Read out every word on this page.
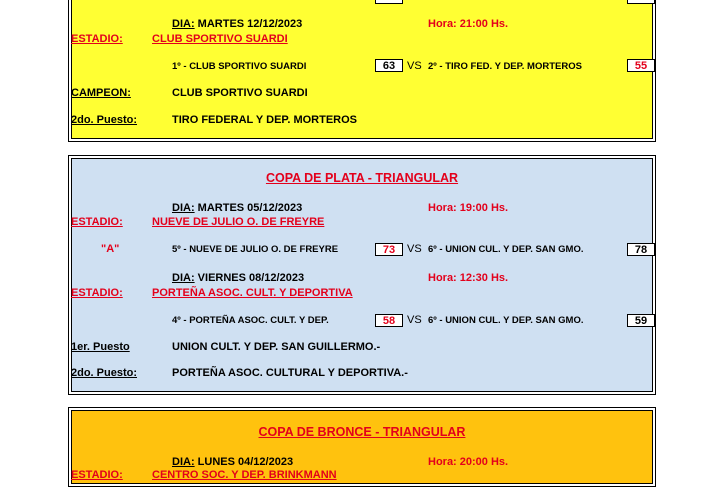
DIA: MARTES 12/12/2023	Hora: 21:00 Hs.
ESTADIO:	CLUB SPORTIVO SUARDI
1º - CLUB SPORTIVO SUARDI	63	VS 2º - TIRO FED. Y DEP. MORTEROS	55
CAMPEON:	CLUB SPORTIVO SUARDI
2do. Puesto:	TIRO FEDERAL Y DEP. MORTEROS
COPA DE PLATA - TRIANGULAR
DIA: MARTES 05/12/2023	Hora: 19:00 Hs.
ESTADIO:	NUEVE DE JULIO O. DE FREYRE
"A"	5º - NUEVE DE JULIO O. DE FREYRE	73	VS 6º - UNION CUL. Y DEP. SAN GMO.	78
DIA: VIERNES 08/12/2023	Hora: 12:30 Hs.
ESTADIO:	PORTEÑA ASOC. CULT. Y DEPORTIVA
4º - PORTEÑA ASOC. CULT. Y DEP.	58	VS 6º - UNION CUL. Y DEP. SAN GMO.	59
1er. Puesto	UNION CULT. Y DEP. SAN GUILLERMO.-
2do. Puesto:	PORTEÑA ASOC. CULTURAL Y DEPORTIVA.-
COPA DE BRONCE - TRIANGULAR
DIA: LUNES 04/12/2023	Hora: 20:00 Hs.
ESTADIO:	CENTRO SOC. Y DEP. BRINKMANN
